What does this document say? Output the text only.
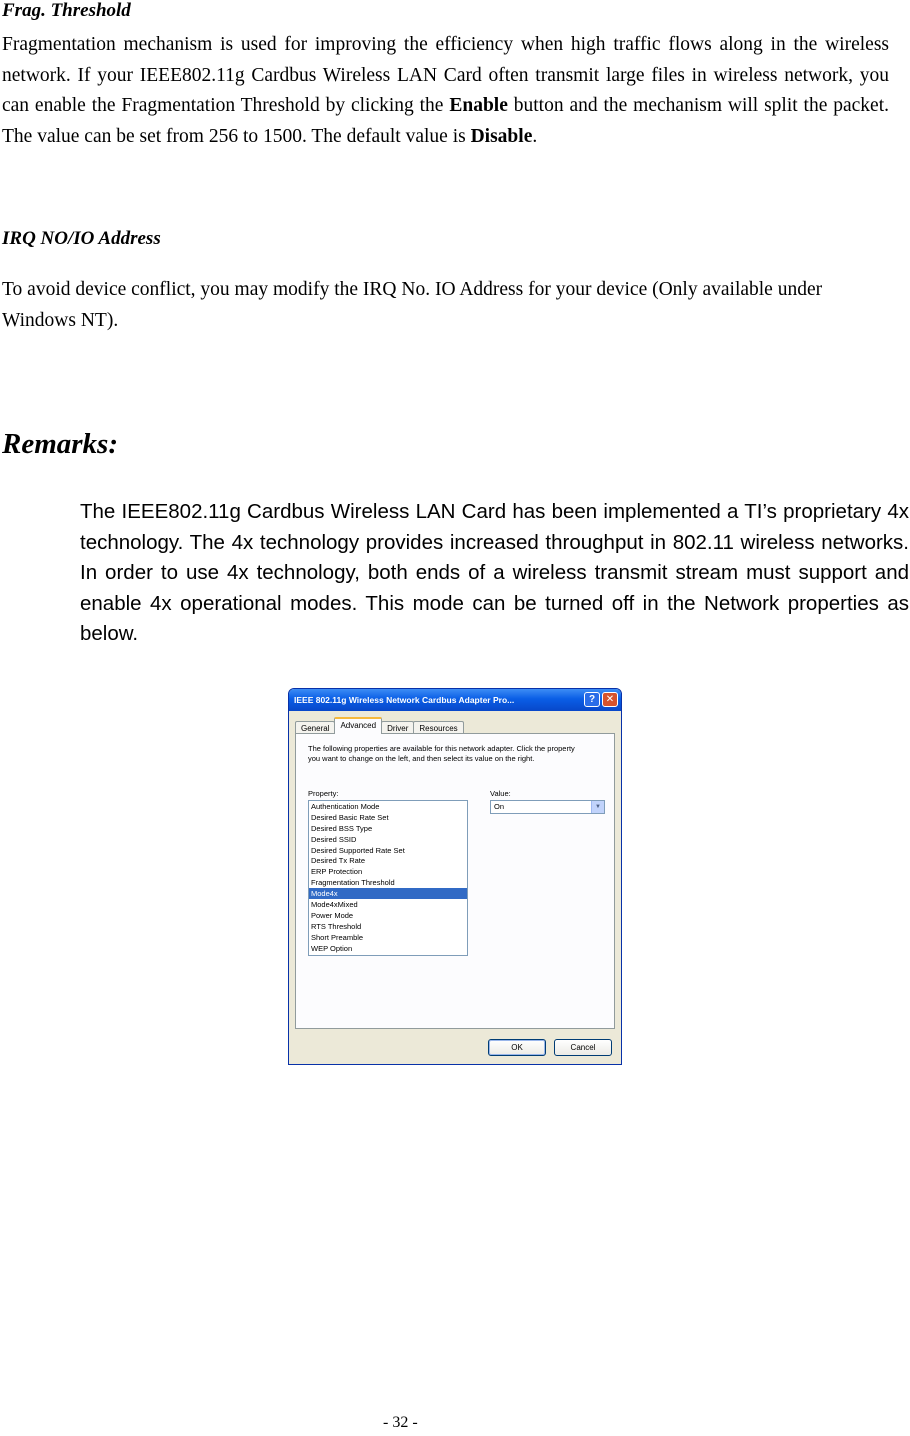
Frag. Threshold

Fragmentation mechanism is used for improving the efficiency when high traffic flows along in the wireless network. If your IEEE802.11g Cardbus Wireless LAN Card often transmit large files in wireless network, you can enable the Fragmentation Threshold by clicking the Enable button and the mechanism will split the packet. The value can be set from 256 to 1500. The default value is Disable.

IRQ NO/IO Address

To avoid device conflict, you may modify the IRQ No. IO Address for your device (Only available under Windows NT).

Remarks:

The IEEE802.11g Cardbus Wireless LAN Card has been implemented a TI’s proprietary 4x technology. The 4x technology provides increased throughput in 802.11 wireless networks. In order to use 4x technology, both ends of a wireless transmit stream must support and enable 4x operational modes. This mode can be turned off in the Network properties as below.

IEEE 802.11g Wireless Network Cardbus Adapter Pro...	?	✕
General	Advanced	Driver	Resources
The following properties are available for this network adapter. Click the property you want to change on the left, and then select its value on the right.
Property:	Value:
Authentication Mode
Desired Basic Rate Set
Desired BSS Type
Desired SSID
Desired Supported Rate Set
Desired Tx Rate
ERP Protection
Fragmentation Threshold
Mode4x
Mode4xMixed
Power Mode
RTS Threshold
Short Preamble
WEP Option
On	▼
OK	Cancel
- 32 -
